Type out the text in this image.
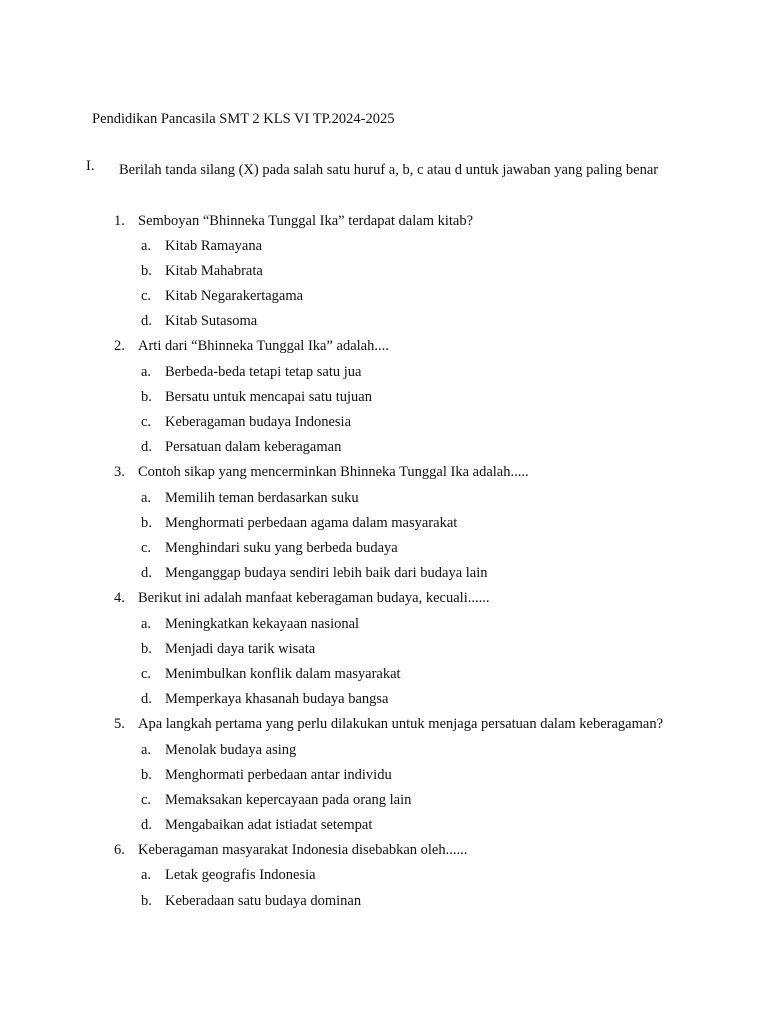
Pendidikan Pancasila SMT 2 KLS VI TP.2024-2025
I. Berilah tanda silang (X) pada salah satu huruf a, b, c atau d untuk jawaban yang paling benar
1. Semboyan “Bhinneka Tunggal Ika” terdapat dalam kitab?
a. Kitab Ramayana
b. Kitab Mahabrata
c. Kitab Negarakertagama
d. Kitab Sutasoma
2. Arti dari “Bhinneka Tunggal Ika” adalah....
a. Berbeda-beda tetapi tetap satu jua
b. Bersatu untuk mencapai satu tujuan
c. Keberagaman budaya Indonesia
d. Persatuan dalam keberagaman
3. Contoh sikap yang mencerminkan Bhinneka Tunggal Ika adalah.....
a. Memilih teman berdasarkan suku
b. Menghormati perbedaan agama dalam masyarakat
c. Menghindari suku yang berbeda budaya
d. Menganggap budaya sendiri lebih baik dari budaya lain
4. Berikut ini adalah manfaat keberagaman budaya, kecuali......
a. Meningkatkan kekayaan nasional
b. Menjadi daya tarik wisata
c. Menimbulkan konflik dalam masyarakat
d. Memperkaya khasanah budaya bangsa
5. Apa langkah pertama yang perlu dilakukan untuk menjaga persatuan dalam keberagaman?
a. Menolak budaya asing
b. Menghormati perbedaan antar individu
c. Memaksakan kepercayaan pada orang lain
d. Mengabaikan adat istiadat setempat
6. Keberagaman masyarakat Indonesia disebabkan oleh......
a. Letak geografis Indonesia
b. Keberadaan satu budaya dominan
